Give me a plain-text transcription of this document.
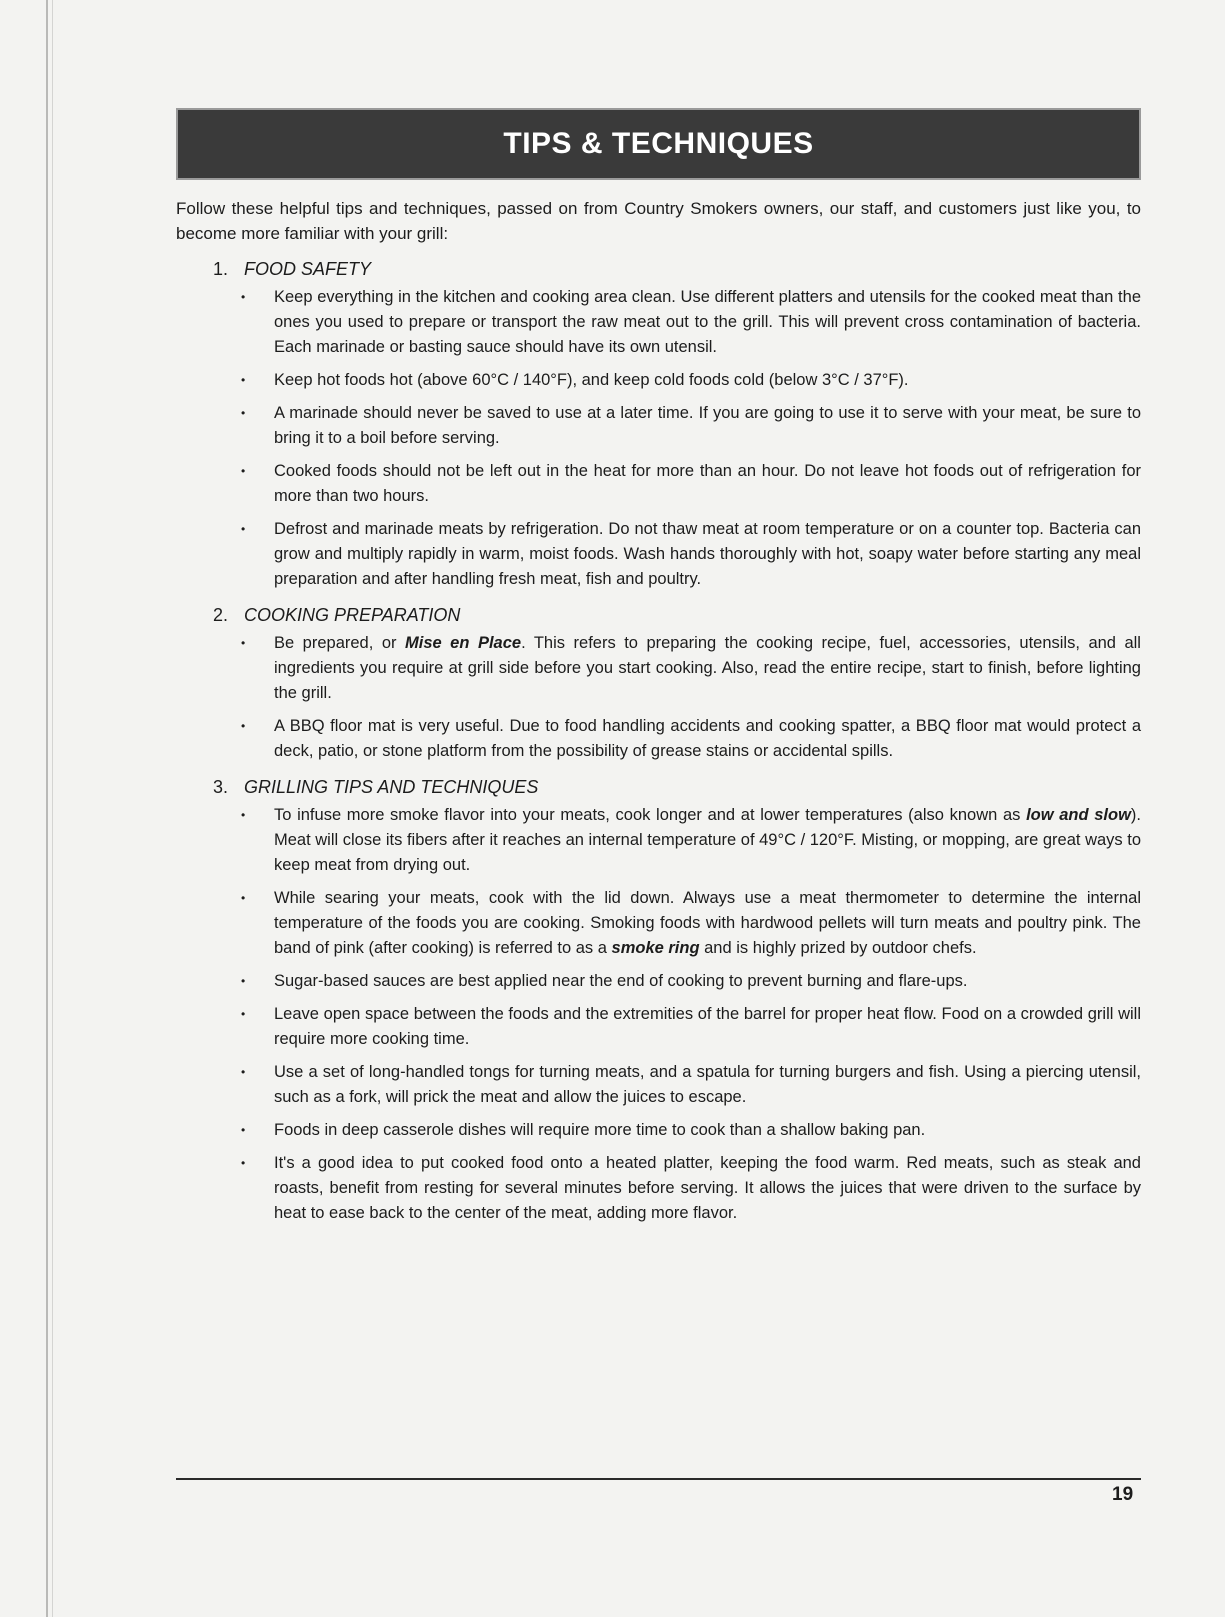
TIPS & TECHNIQUES

Follow these helpful tips and techniques, passed on from Country Smokers owners, our staff, and customers just like you, to become more familiar with your grill:

1. FOOD SAFETY
• Keep everything in the kitchen and cooking area clean. Use different platters and utensils for the cooked meat than the ones you used to prepare or transport the raw meat out to the grill. This will prevent cross contamination of bacteria. Each marinade or basting sauce should have its own utensil.
• Keep hot foods hot (above 60°C / 140°F), and keep cold foods cold (below 3°C / 37°F).
• A marinade should never be saved to use at a later time. If you are going to use it to serve with your meat, be sure to bring it to a boil before serving.
• Cooked foods should not be left out in the heat for more than an hour. Do not leave hot foods out of refrigeration for more than two hours.
• Defrost and marinade meats by refrigeration. Do not thaw meat at room temperature or on a counter top. Bacteria can grow and multiply rapidly in warm, moist foods. Wash hands thoroughly with hot, soapy water before starting any meal preparation and after handling fresh meat, fish and poultry.
2. COOKING PREPARATION
• Be prepared, or Mise en Place. This refers to preparing the cooking recipe, fuel, accessories, utensils, and all ingredients you require at grill side before you start cooking. Also, read the entire recipe, start to finish, before lighting the grill.
• A BBQ floor mat is very useful. Due to food handling accidents and cooking spatter, a BBQ floor mat would protect a deck, patio, or stone platform from the possibility of grease stains or accidental spills.
3. GRILLING TIPS AND TECHNIQUES
• To infuse more smoke flavor into your meats, cook longer and at lower temperatures (also known as low and slow). Meat will close its fibers after it reaches an internal temperature of 49°C / 120°F. Misting, or mopping, are great ways to keep meat from drying out.
• While searing your meats, cook with the lid down. Always use a meat thermometer to determine the internal temperature of the foods you are cooking. Smoking foods with hardwood pellets will turn meats and poultry pink. The band of pink (after cooking) is referred to as a smoke ring and is highly prized by outdoor chefs.
• Sugar-based sauces are best applied near the end of cooking to prevent burning and flare-ups.
• Leave open space between the foods and the extremities of the barrel for proper heat flow. Food on a crowded grill will require more cooking time.
• Use a set of long-handled tongs for turning meats, and a spatula for turning burgers and fish. Using a piercing utensil, such as a fork, will prick the meat and allow the juices to escape.
• Foods in deep casserole dishes will require more time to cook than a shallow baking pan.
• It's a good idea to put cooked food onto a heated platter, keeping the food warm. Red meats, such as steak and roasts, benefit from resting for several minutes before serving. It allows the juices that were driven to the surface by heat to ease back to the center of the meat, adding more flavor.
19
